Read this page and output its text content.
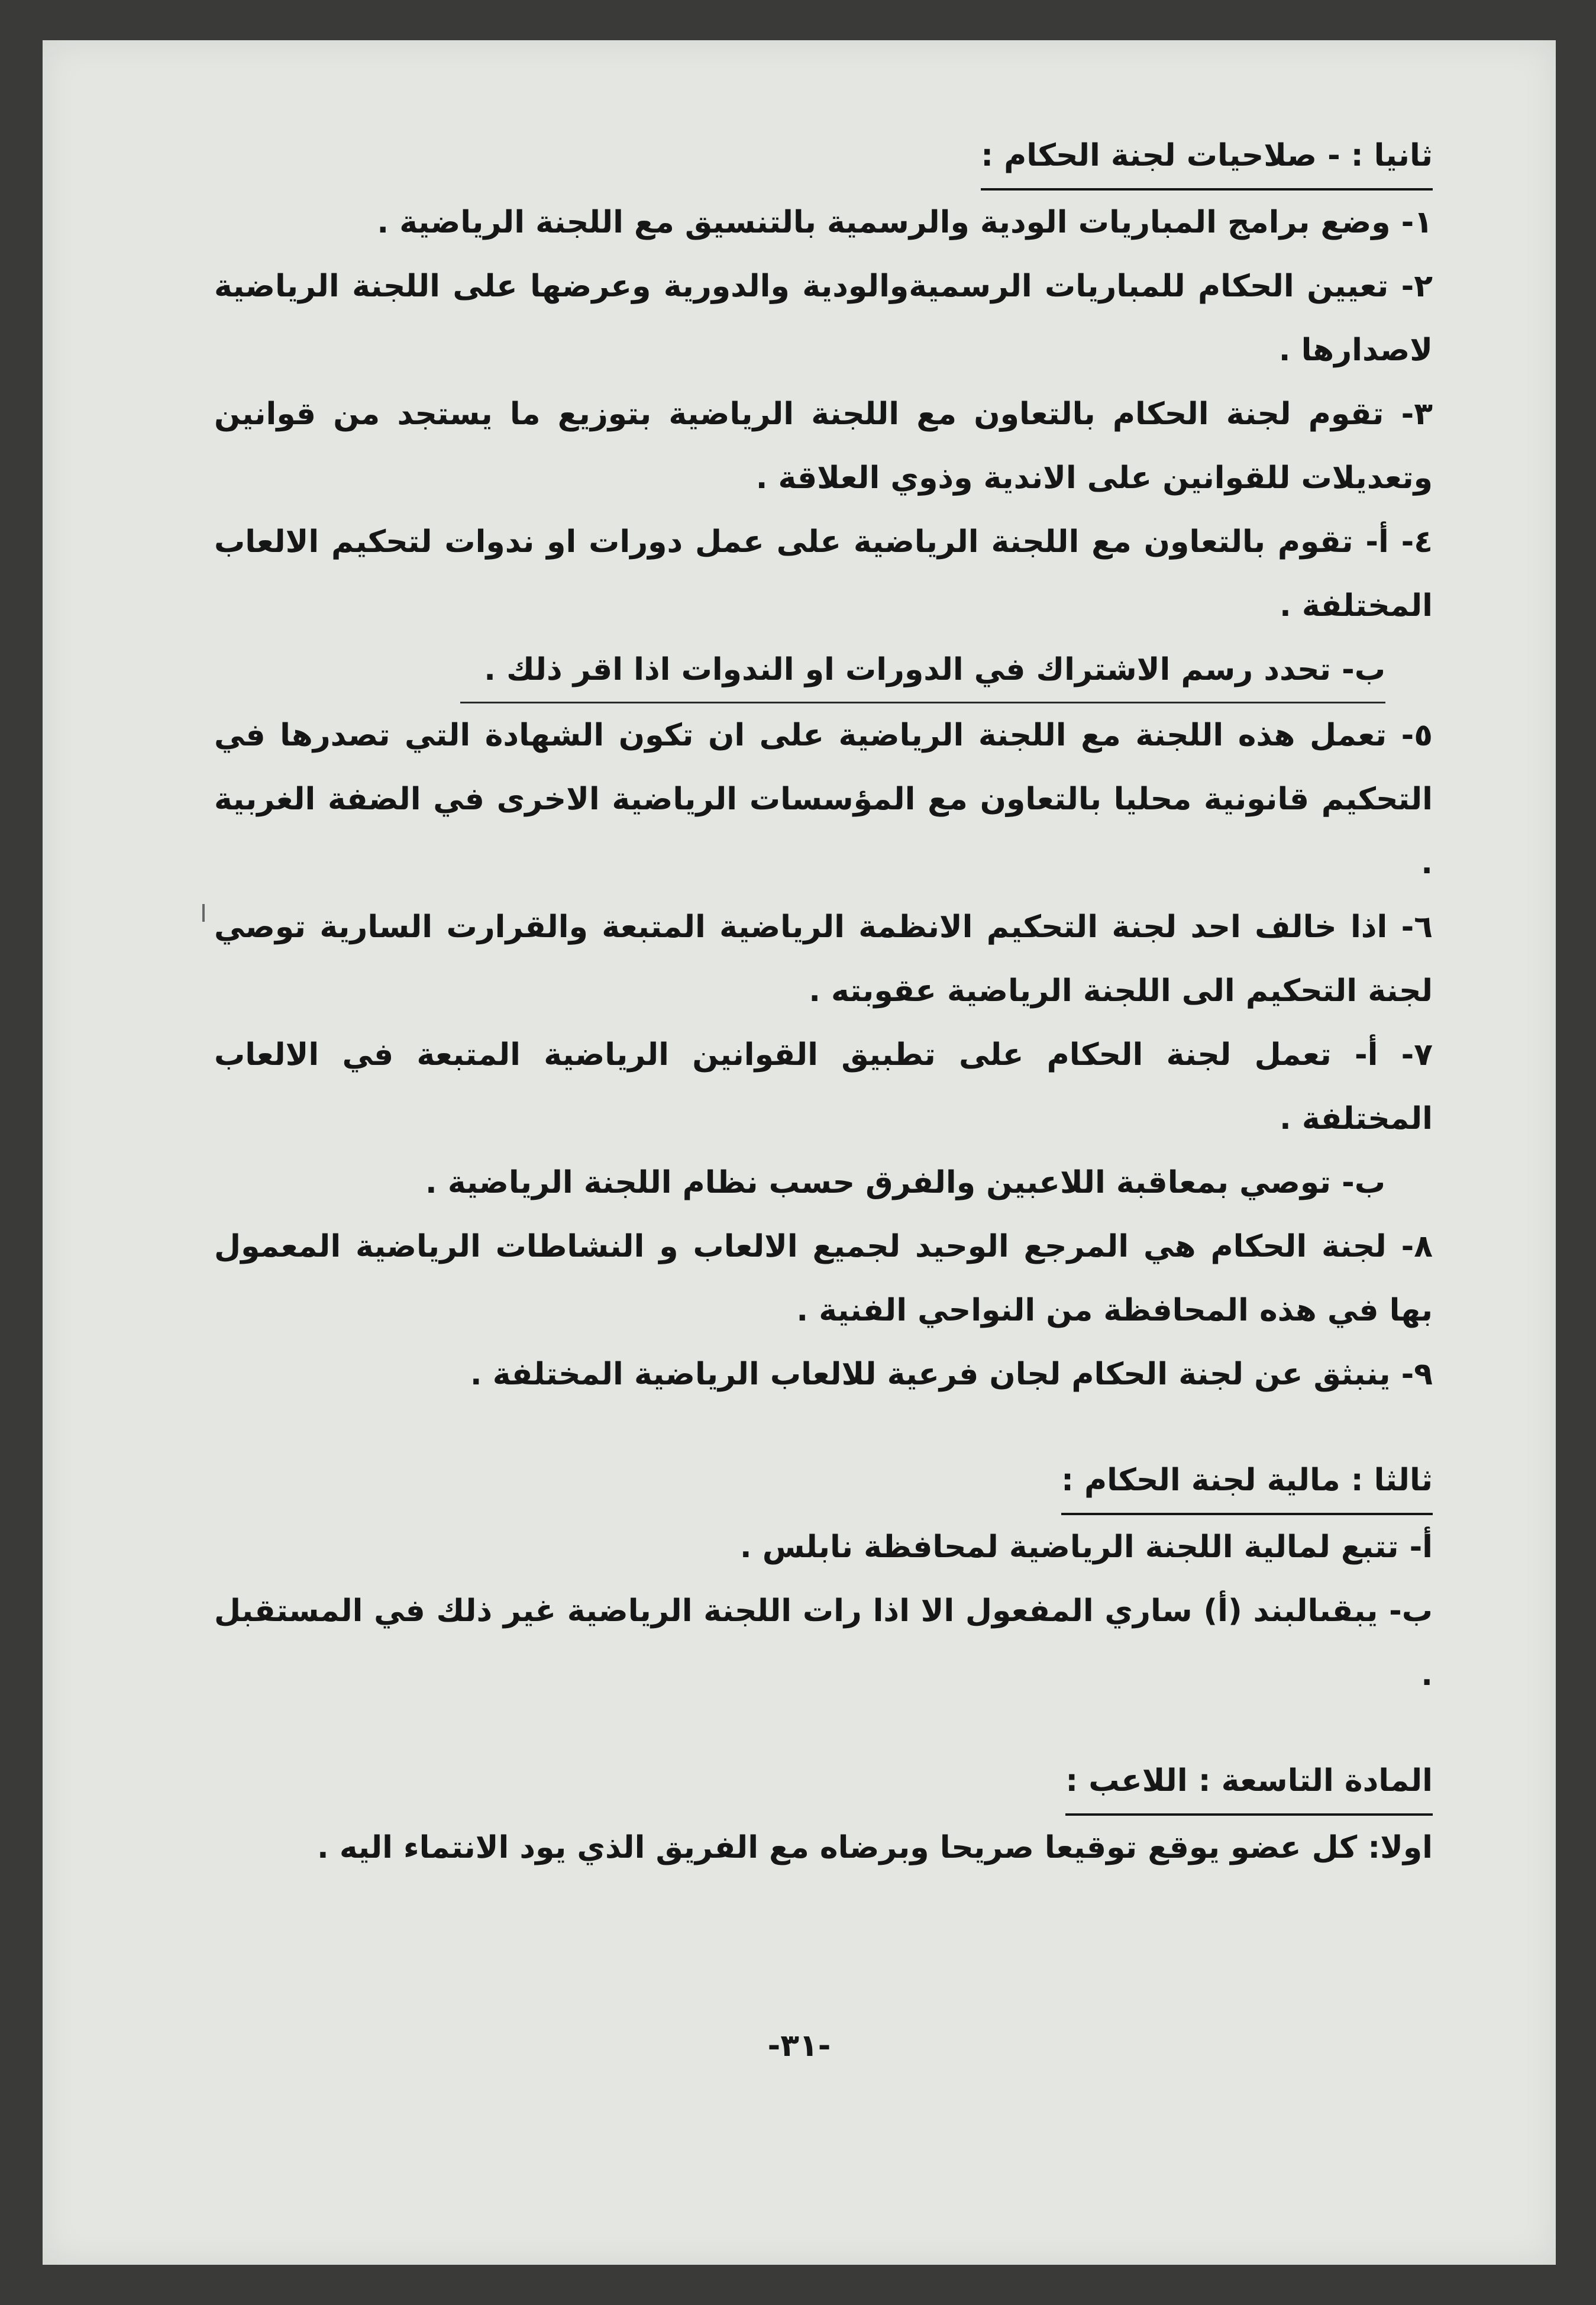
ثانيا : - صلاحيات لجنة الحكام :

١- وضع برامج المباريات الودية والرسمية بالتنسيق مع اللجنة الرياضية .

٢- تعيين الحكام للمباريات الرسميةوالودية والدورية وعرضها على اللجنة الرياضية لاصدارها .

٣- تقوم لجنة الحكام بالتعاون مع اللجنة الرياضية بتوزيع ما يستجد من قوانين وتعديلات للقوانين على الاندية وذوي العلاقة .

٤- أ- تقوم بالتعاون مع اللجنة الرياضية على عمل دورات او ندوات لتحكيم الالعاب المختلفة .

ب- تحدد رسم الاشتراك في الدورات او الندوات اذا اقر ذلك .

٥- تعمل هذه اللجنة مع اللجنة الرياضية على ان تكون الشهادة التي تصدرها في التحكيم قانونية محليا بالتعاون مع المؤسسات الرياضية الاخرى في الضفة الغربية .

٦- اذا خالف احد لجنة التحكيم الانظمة الرياضية المتبعة والقرارت السارية توصي لجنة التحكيم الى اللجنة الرياضية عقوبته .

٧- أ- تعمل لجنة الحكام على تطبيق القوانين الرياضية المتبعة في الالعاب المختلفة .

ب- توصي بمعاقبة اللاعبين والفرق حسب نظام اللجنة الرياضية .

٨- لجنة الحكام هي المرجع الوحيد لجميع الالعاب و النشاطات الرياضية المعمول بها في هذه المحافظة من النواحي الفنية .

٩- ينبثق عن لجنة الحكام لجان فرعية للالعاب الرياضية المختلفة .

ثالثا : مالية لجنة الحكام :

أ- تتبع لمالية اللجنة الرياضية لمحافظة نابلس .

ب- يبقىالبند (أ) ساري المفعول الا اذا رات اللجنة الرياضية غير ذلك في المستقبل .

المادة التاسعة : اللاعب :

اولا: كل عضو يوقع توقيعا صريحا وبرضاه مع الفريق الذي يود الانتماء اليه .

-٣١-
